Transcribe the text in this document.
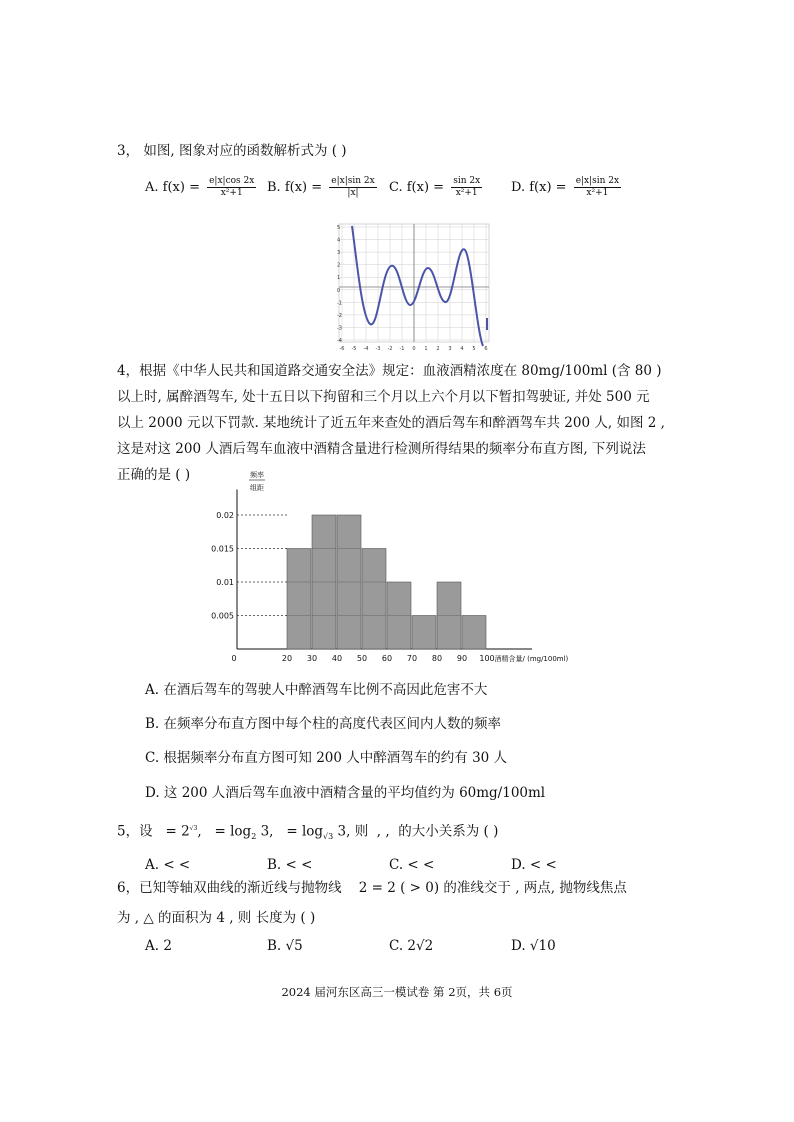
3， 如图, 图象对应的函数解析式为 ( )
A. $f(x) = \frac{e|x|\cos 2x}{\text{x²+1}} B$. $f(x) = \frac{e|x|\sin 2x}{|x|} C$. $f(x) = \frac{\sin 2x}{\text{x²+1}} D$. $f(x) = \frac{e|x|\sin 2x}{\text{x²+1}}$
-6 -5 -4 -3 -2 -1 0 1 2 3 4 5 6
5
4
3
2
1
0
-1
-2
-3
-4
4，根据《中华人民共和国道路交通安全法》规定：血液酒精浓度在 80mg/100ml (含 80 )
以上时, 属醉酒驾车, 处十五日以下拘留和三个月以上六个月以下暂扣驾驶证, 并处 500 元
以上 2000 元以下罚款. 某地统计了近五年来查处的酒后驾车和醉酒驾车共 200 人, 如图 2 ,
这是对这 200 人酒后驾车血液中酒精含量进行检测所得结果的频率分布直方图, 下列说法
正确的是 ( )
0.02
0.015
0.01
0.005
0	20 30 40 50 60 70 80 90 100
频率
组距
酒精含量/ (mg/100ml)
A. 在酒后驾车的驾驶人中醉酒驾车比例不高因此危害不大
B. 在频率分布直方图中每个柱的高度代表区间内人数的频率
C. 根据频率分布直方图可知 200 人中醉酒驾车的约有 30 人
D. 这 200 人酒后驾车血液中酒精含量的平均值约为 60mg/100ml
5，设 = $2^{√3}$, = $\log_2 3$, = $\log_{√3} 3$, 则 , , 的大小关系为 ( )
A. < <	B. < <	C. < <	D. < <
6，已知等轴双曲线的渐近线与抛物线 2 = 2 ( > 0) 的准线交于 , 两点, 抛物线焦点
为 , △ 的面积为 4 , 则 长度为 ( )
A. 2	B. √5	C. 2√2	D. √10
2024 届河东区高三一模试卷 第 2页，共 6页
